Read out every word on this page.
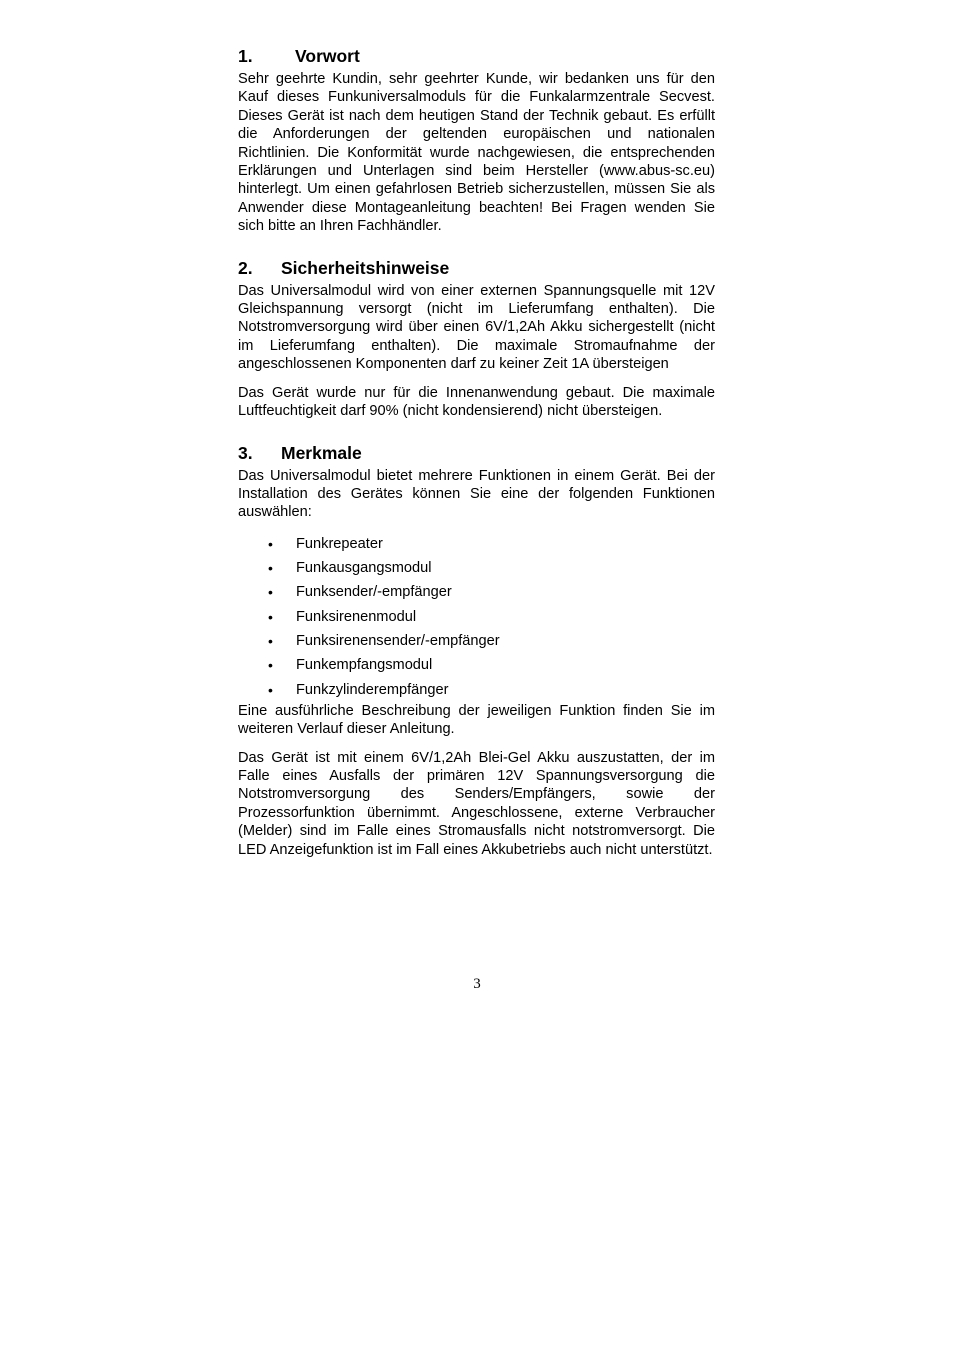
1.	Vorwort

Sehr geehrte Kundin, sehr geehrter Kunde, wir bedanken uns für den Kauf dieses Funkuniversalmoduls für die Funkalarmzentrale Secvest. Dieses Gerät ist nach dem heutigen Stand der Technik gebaut. Es erfüllt die Anforderungen der geltenden europäischen und nationalen Richtlinien. Die Konformität wurde nachgewiesen, die entsprechenden Erklärungen und Unterlagen sind beim Hersteller (www.abus-sc.eu) hinterlegt. Um einen gefahrlosen Betrieb sicherzustellen, müssen Sie als Anwender diese Montageanleitung beachten! Bei Fragen wenden Sie sich bitte an Ihren Fachhändler.

2.	Sicherheitshinweise

Das Universalmodul wird von einer externen Spannungsquelle mit 12V Gleichspannung versorgt (nicht im Lieferumfang enthalten). Die Notstromversorgung wird über einen 6V/1,2Ah Akku sichergestellt (nicht im Lieferumfang enthalten). Die maximale Stromaufnahme der angeschlossenen Komponenten darf zu keiner Zeit 1A übersteigen

Das Gerät wurde nur für die Innenanwendung gebaut. Die maximale Luftfeuchtigkeit darf 90% (nicht kondensierend) nicht übersteigen.

3.	Merkmale

Das Universalmodul bietet mehrere Funktionen in einem Gerät. Bei der Installation des Gerätes können Sie eine der folgenden Funktionen auswählen:

• Funkrepeater
• Funkausgangsmodul
• Funksender/-empfänger
• Funksirenenmodul
• Funksirenensender/-empfänger
• Funkempfangsmodul
• Funkzylinderempfänger

Eine ausführliche Beschreibung der jeweiligen Funktion finden Sie im weiteren Verlauf dieser Anleitung.

Das Gerät ist mit einem 6V/1,2Ah Blei-Gel Akku auszustatten, der im Falle eines Ausfalls der primären 12V Spannungsversorgung die Notstromversorgung des Senders/Empfängers, sowie der Prozessorfunktion übernimmt. Angeschlossene, externe Verbraucher (Melder) sind im Falle eines Stromausfalls nicht notstromversorgt. Die LED Anzeigefunktion ist im Fall eines Akkubetriebs auch nicht unterstützt.

3
